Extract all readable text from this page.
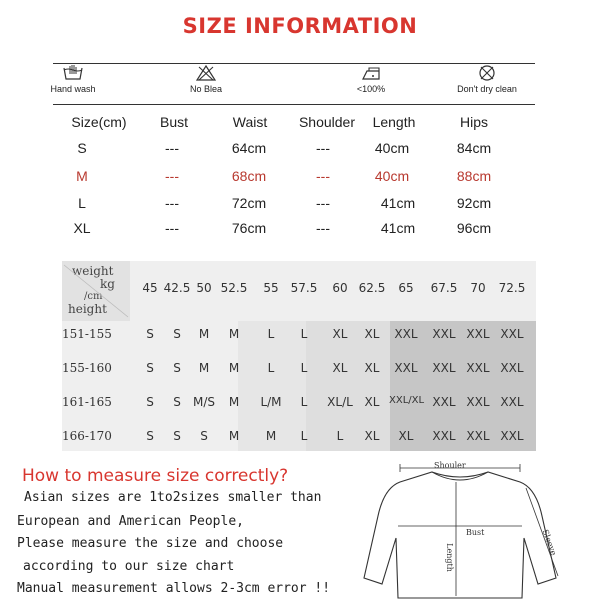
SIZE INFORMATION
Hand wash	No Blea	<100%	Don't dry clean
Size(cm)	Bust	Waist	Shoulder	Length	Hips
S	---	64cm	---	40cm	84cm
M	---	68cm	---	40cm	88cm
L	---	72cm	---	41cm	92cm
XL	---	76cm	---	41cm	96cm
weight
kg
/cm
height
45 42.5 50 52.5	55	57.5	60 62.5	65	67.5	70	72.5
151-155	S	S	M	M	L	L	XL	XL	XXL	XXL XXL XXL
155-160	S	S	M	M	L	L	XL	XL	XXL	XXL XXL XXL
161-165	S	S	M/S	M	L/M	L	XL/L XL XXL/XL XXL XXL XXL
166-170	S	S	S	M	M	L	L	XL	XL	XXL XXL XXL
How to measure size correctly?
Asian sizes are 1to2sizes smaller than
European and American People,
Please measure the size and choose
according to our size chart
Manual measurement allows 2-3cm error !!
Shouler
Bust
Length
Sleeve
